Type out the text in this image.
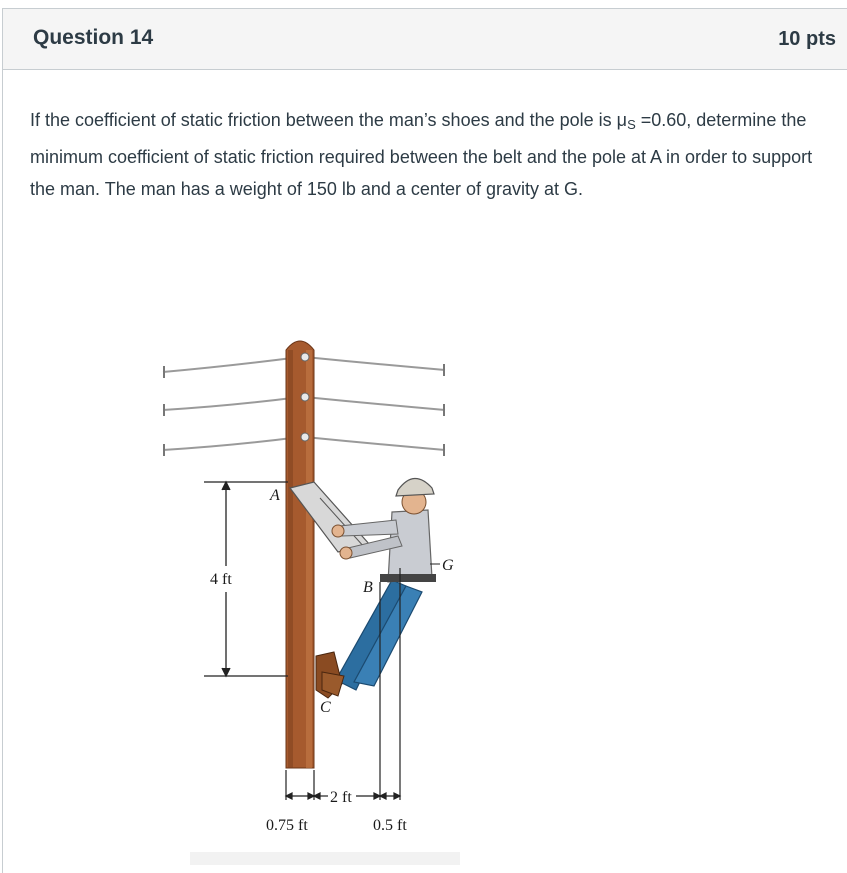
Question 14	10 pts

If the coefficient of static friction between the man’s shoes and the pole is $\mu_S =0.60$, determine the minimum coefficient of static friction required between the belt and the pole at A in order to support the man. The man has a weight of 150 lb and a center of gravity at G.

4 ft
A
B
C
G
2 ft
0.75 ft	0.5 ft
